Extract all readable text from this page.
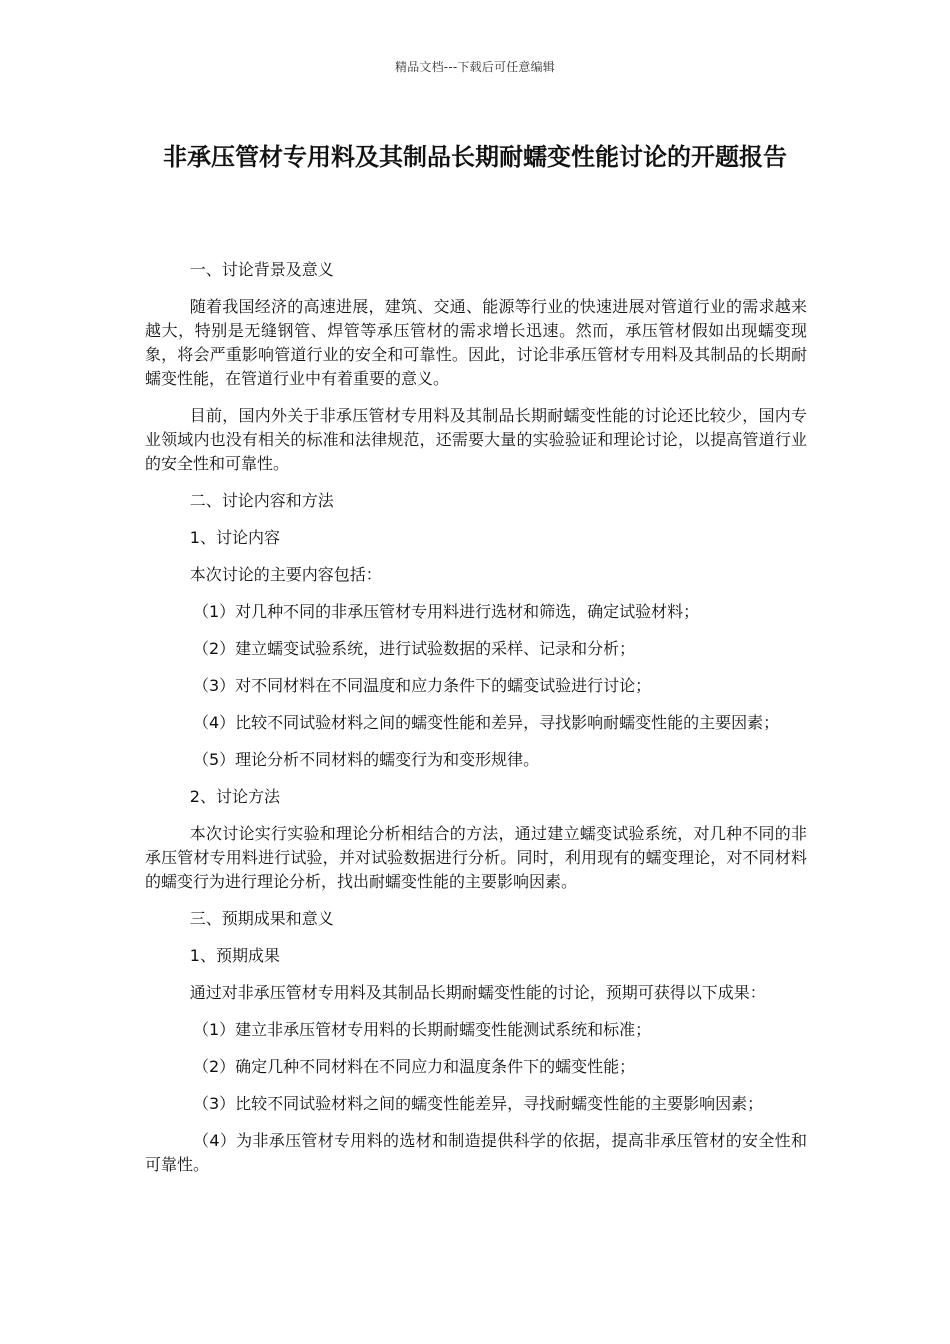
精品文档---下载后可任意编辑
非承压管材专用料及其制品长期耐蠕变性能讨论的开题报告

一、讨论背景及意义

随着我国经济的高速进展，建筑、交通、能源等行业的快速进展对管道行业的需求越来越大，特别是无缝钢管、焊管等承压管材的需求增长迅速。然而，承压管材假如出现蠕变现象，将会严重影响管道行业的安全和可靠性。因此，讨论非承压管材专用料及其制品的长期耐蠕变性能，在管道行业中有着重要的意义。

目前，国内外关于非承压管材专用料及其制品长期耐蠕变性能的讨论还比较少，国内专业领域内也没有相关的标准和法律规范，还需要大量的实验验证和理论讨论，以提高管道行业的安全性和可靠性。

二、讨论内容和方法

1、讨论内容

本次讨论的主要内容包括：

（1）对几种不同的非承压管材专用料进行选材和筛选，确定试验材料；

（2）建立蠕变试验系统，进行试验数据的采样、记录和分析；

（3）对不同材料在不同温度和应力条件下的蠕变试验进行讨论；

（4）比较不同试验材料之间的蠕变性能和差异，寻找影响耐蠕变性能的主要因素；

（5）理论分析不同材料的蠕变行为和变形规律。

2、讨论方法

本次讨论实行实验和理论分析相结合的方法，通过建立蠕变试验系统，对几种不同的非承压管材专用料进行试验，并对试验数据进行分析。同时，利用现有的蠕变理论，对不同材料的蠕变行为进行理论分析，找出耐蠕变性能的主要影响因素。

三、预期成果和意义

1、预期成果

通过对非承压管材专用料及其制品长期耐蠕变性能的讨论，预期可获得以下成果：

（1）建立非承压管材专用料的长期耐蠕变性能测试系统和标准；

（2）确定几种不同材料在不同应力和温度条件下的蠕变性能；

（3）比较不同试验材料之间的蠕变性能差异，寻找耐蠕变性能的主要影响因素；

（4）为非承压管材专用料的选材和制造提供科学的依据，提高非承压管材的安全性和可靠性。
